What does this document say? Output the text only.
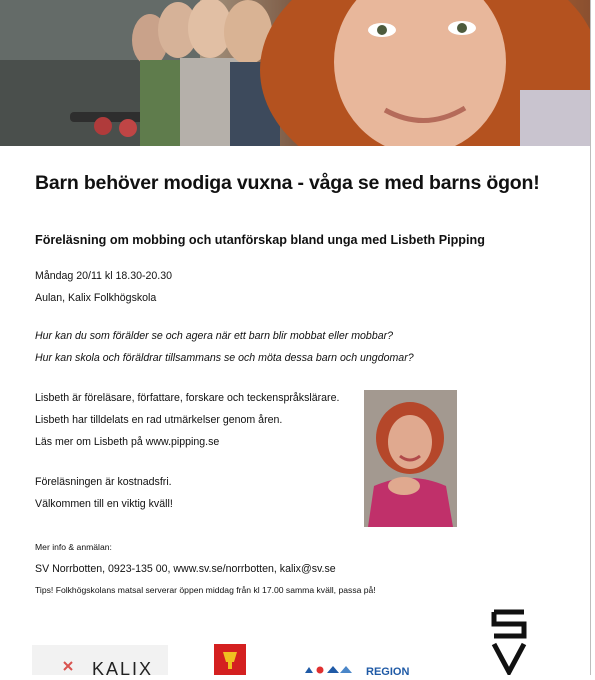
Barn behöver modiga vuxna - våga se med barns ögon!
Föreläsning om mobbing och utanförskap bland unga med Lisbeth Pipping
Måndag 20/11 kl 18.30-20.30
Aulan, Kalix Folkhögskola
Hur kan du som förälder se och agera när ett barn blir mobbat eller mobbar?
Hur kan skola och föräldrar tillsammans se och möta dessa barn och ungdomar?
Lisbeth är föreläsare, författare, forskare och teckenspråkslärare.
Lisbeth har tilldelats en rad utmärkelser genom åren.
Läs mer om Lisbeth på www.pipping.se
Föreläsningen är kostnadsfri.
Välkommen till en viktig kväll!
Mer info & anmälan:
SV Norrbotten, 0923-135 00, www.sv.se/norrbotten, kalix@sv.se
Tips! Folkhögskolans matsal serverar öppen middag från kl 17.00 samma kväll, passa på!
KALIX	REGION
